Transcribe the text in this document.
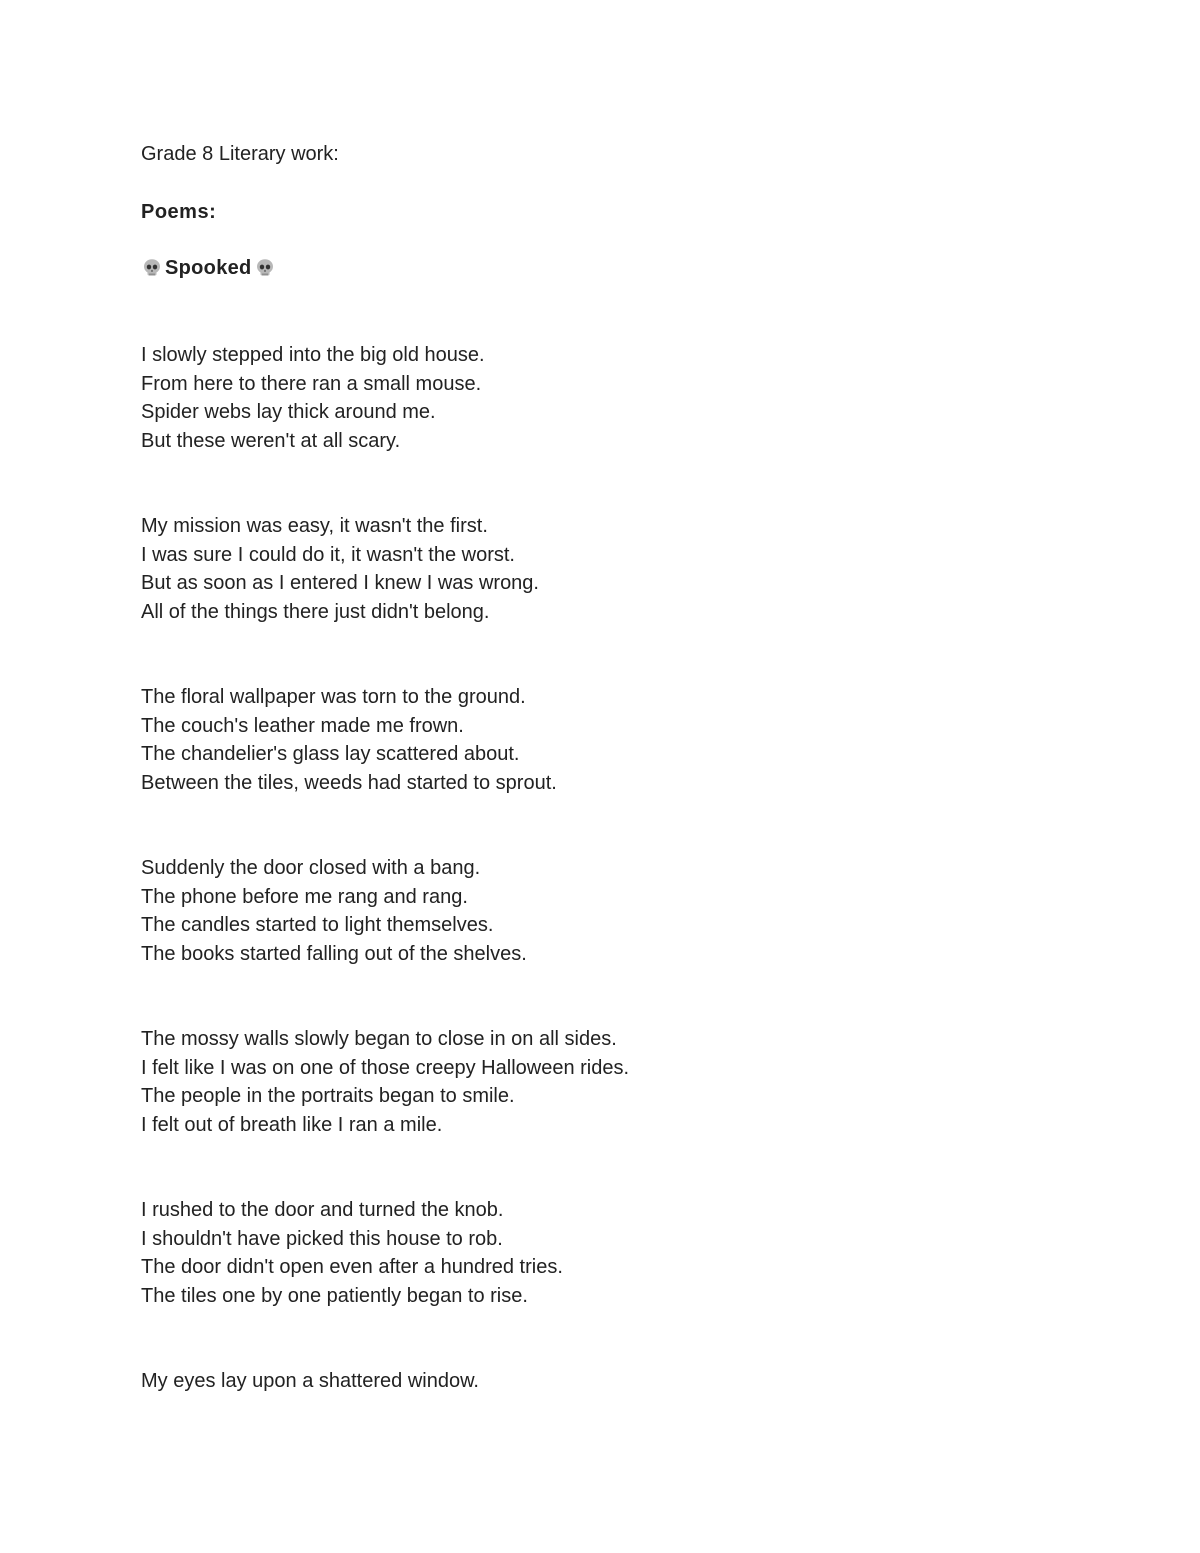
Grade 8 Literary work:

Poems:

Spooked

I slowly stepped into the big old house.
From here to there ran a small mouse.
Spider webs lay thick around me.
But these weren't at all scary.
My mission was easy, it wasn't the first.
I was sure I could do it, it wasn't the worst.
But as soon as I entered I knew I was wrong.
All of the things there just didn't belong.
The floral wallpaper was torn to the ground.
The couch's leather made me frown.
The chandelier's glass lay scattered about.
Between the tiles, weeds had started to sprout.
Suddenly the door closed with a bang.
The phone before me rang and rang.
The candles started to light themselves.
The books started falling out of the shelves.
The mossy walls slowly began to close in on all sides.
I felt like I was on one of those creepy Halloween rides.
The people in the portraits began to smile.
I felt out of breath like I ran a mile.
I rushed to the door and turned the knob.
I shouldn't have picked this house to rob.
The door didn't open even after a hundred tries.
The tiles one by one patiently began to rise.
My eyes lay upon a shattered window.
